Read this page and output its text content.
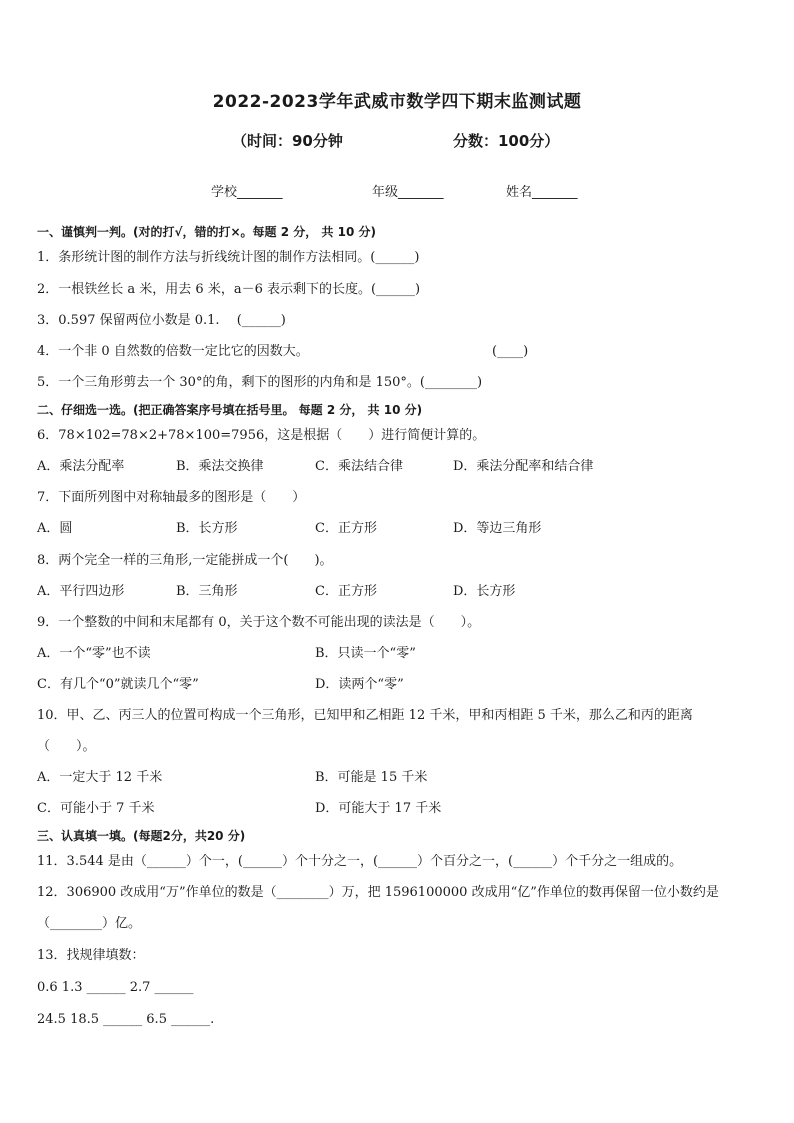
2022-2023学年武威市数学四下期末监测试题
（时间：90分钟	分数：100分）
学校_______	年级_______	姓名_______
一、谨慎判一判。(对的打√，错的打×。每题 2 分， 共 10 分)
1．条形统计图的制作方法与折线统计图的制作方法相同。(______)
2．一根铁丝长 a 米，用去 6 米，a－6 表示剩下的长度。(______)
3．0.597 保留两位小数是 0.1.　 (______)
4．一个非 0 自然数的倍数一定比它的因数大。	(____)
5．一个三角形剪去一个 30°的角，剩下的图形的内角和是 150°。(________)
二、仔细选一选。(把正确答案序号填在括号里。 每题 2 分， 共 10 分)
6．78×102=78×2+78×100=7956，这是根据（　　）进行简便计算的。
A．乘法分配率	B．乘法交换律	C．乘法结合律	D．乘法分配率和结合律
7．下面所列图中对称轴最多的图形是（　　）
A．圆	B．长方形	C．正方形	D．等边三角形
8．两个完全一样的三角形,一定能拼成一个(　　)。
A．平行四边形	B．三角形	C．正方形	D．长方形
9．一个整数的中间和末尾都有 0，关于这个数不可能出现的读法是（　　）。
A．一个“零”也不读	B．只读一个“零”
C．有几个“0”就读几个“零”	D．读两个“零”
10．甲、乙、丙三人的位置可构成一个三角形，已知甲和乙相距 12 千米，甲和丙相距 5 千米，那么乙和丙的距离
（　　）。
A．一定大于 12 千米	B．可能是 15 千米
C．可能小于 7 千米	D．可能大于 17 千米
三、认真填一填。(每题2分，共20 分)
11．3.544 是由（______）个一，(______）个十分之一，(______）个百分之一，(______）个千分之一组成的。
12．306900 改成用“万”作单位的数是（________）万，把 1596100000 改成用“亿”作单位的数再保留一位小数约是
（________）亿。
13．找规律填数：
0.6 1.3 ______ 2.7 ______
24.5 18.5 ______ 6.5 ______.
